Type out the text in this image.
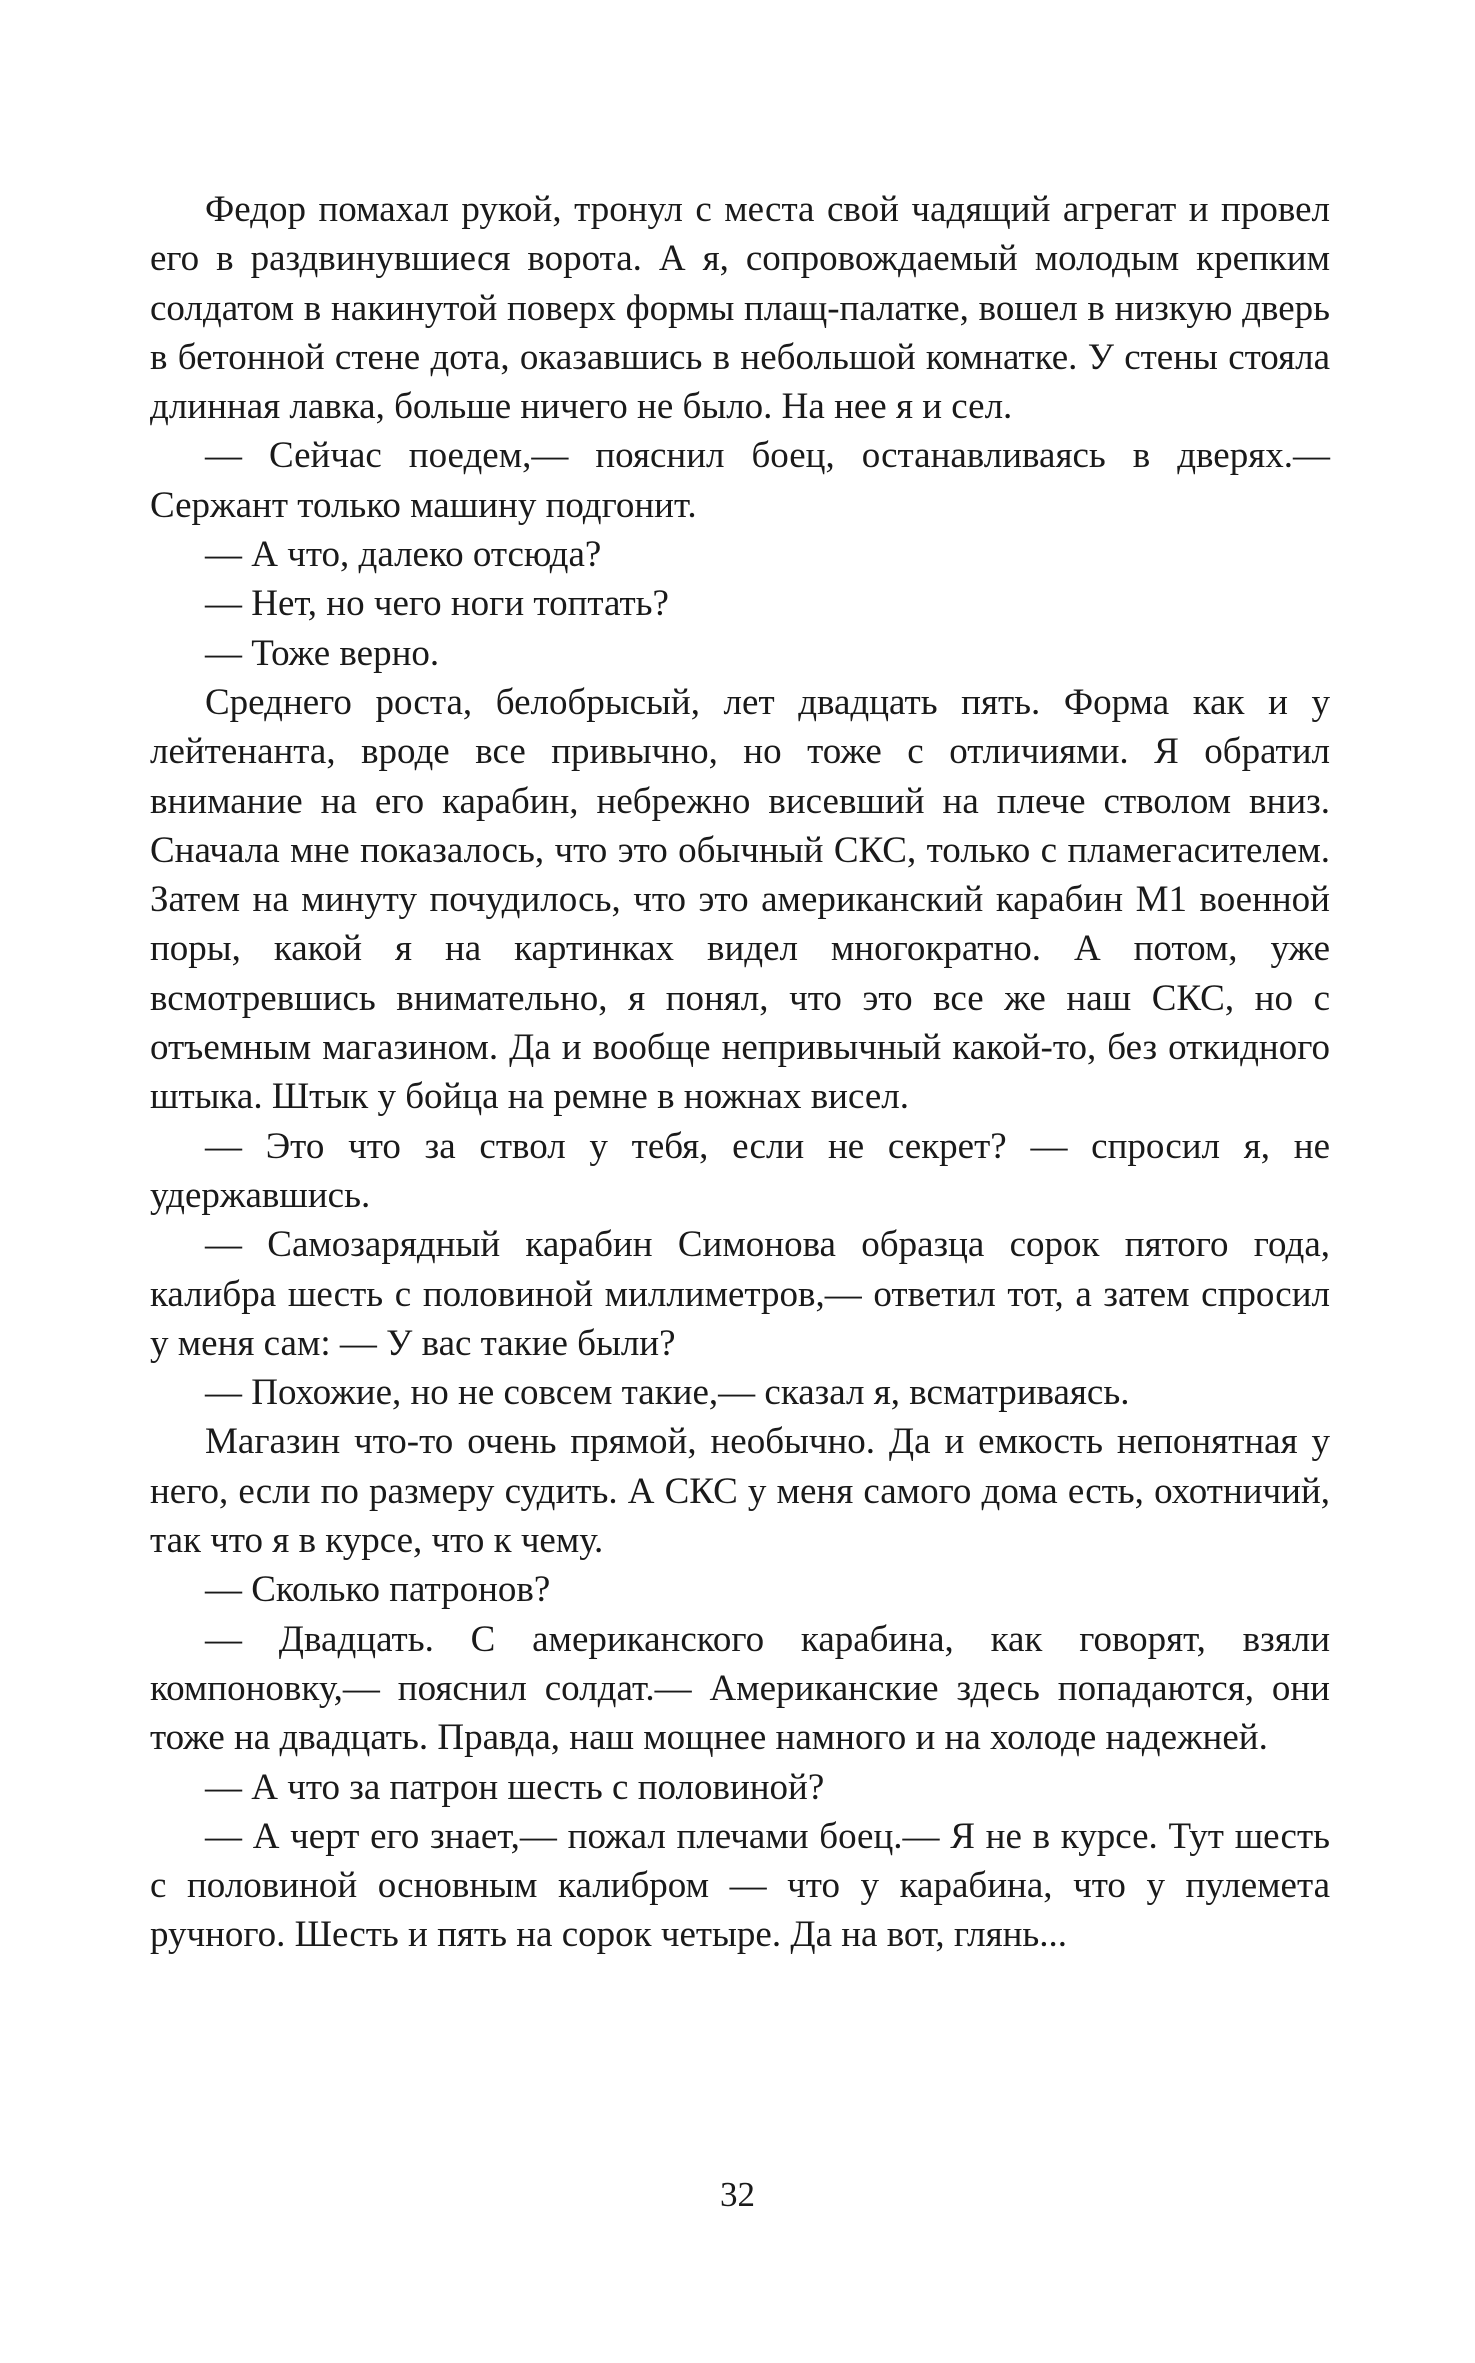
Федор помахал рукой, тронул с места свой чадящий агрегат и провел его в раздвинувшиеся ворота. А я, сопровождаемый молодым крепким солдатом в накинутой поверх формы плащ-палатке, вошел в низкую дверь в бетонной стене дота, оказавшись в небольшой комнатке. У стены стояла длинная лавка, больше ничего не было. На нее я и сел.

— Сейчас поедем,— пояснил боец, останавливаясь в дверях.— Сержант только машину подгонит.

— А что, далеко отсюда?

— Нет, но чего ноги топтать?

— Тоже верно.

Среднего роста, белобрысый, лет двадцать пять. Форма как и у лейтенанта, вроде все привычно, но тоже с отличиями. Я обратил внимание на его карабин, небрежно висевший на плече стволом вниз. Сначала мне показалось, что это обычный СКС, только с пламегасителем. Затем на минуту почудилось, что это американский карабин М1 военной поры, какой я на картинках видел многократно. А потом, уже всмотревшись внимательно, я понял, что это все же наш СКС, но с отъемным магазином. Да и вообще непривычный какой-то, без откидного штыка. Штык у бойца на ремне в ножнах висел.

— Это что за ствол у тебя, если не секрет? — спросил я, не удержавшись.

— Самозарядный карабин Симонова образца сорок пятого года, калибра шесть с половиной миллиметров,— ответил тот, а затем спросил у меня сам: — У вас такие были?

— Похожие, но не совсем такие,— сказал я, всматриваясь.

Магазин что-то очень прямой, необычно. Да и емкость непонятная у него, если по размеру судить. А СКС у меня самого дома есть, охотничий, так что я в курсе, что к чему.

— Сколько патронов?

— Двадцать. С американского карабина, как говорят, взяли компоновку,— пояснил солдат.— Американские здесь попадаются, они тоже на двадцать. Правда, наш мощнее намного и на холоде надежней.

— А что за патрон шесть с половиной?

— А черт его знает,— пожал плечами боец.— Я не в курсе. Тут шесть с половиной основным калибром — что у карабина, что у пулемета ручного. Шесть и пять на сорок четыре. Да на вот, глянь...

32
